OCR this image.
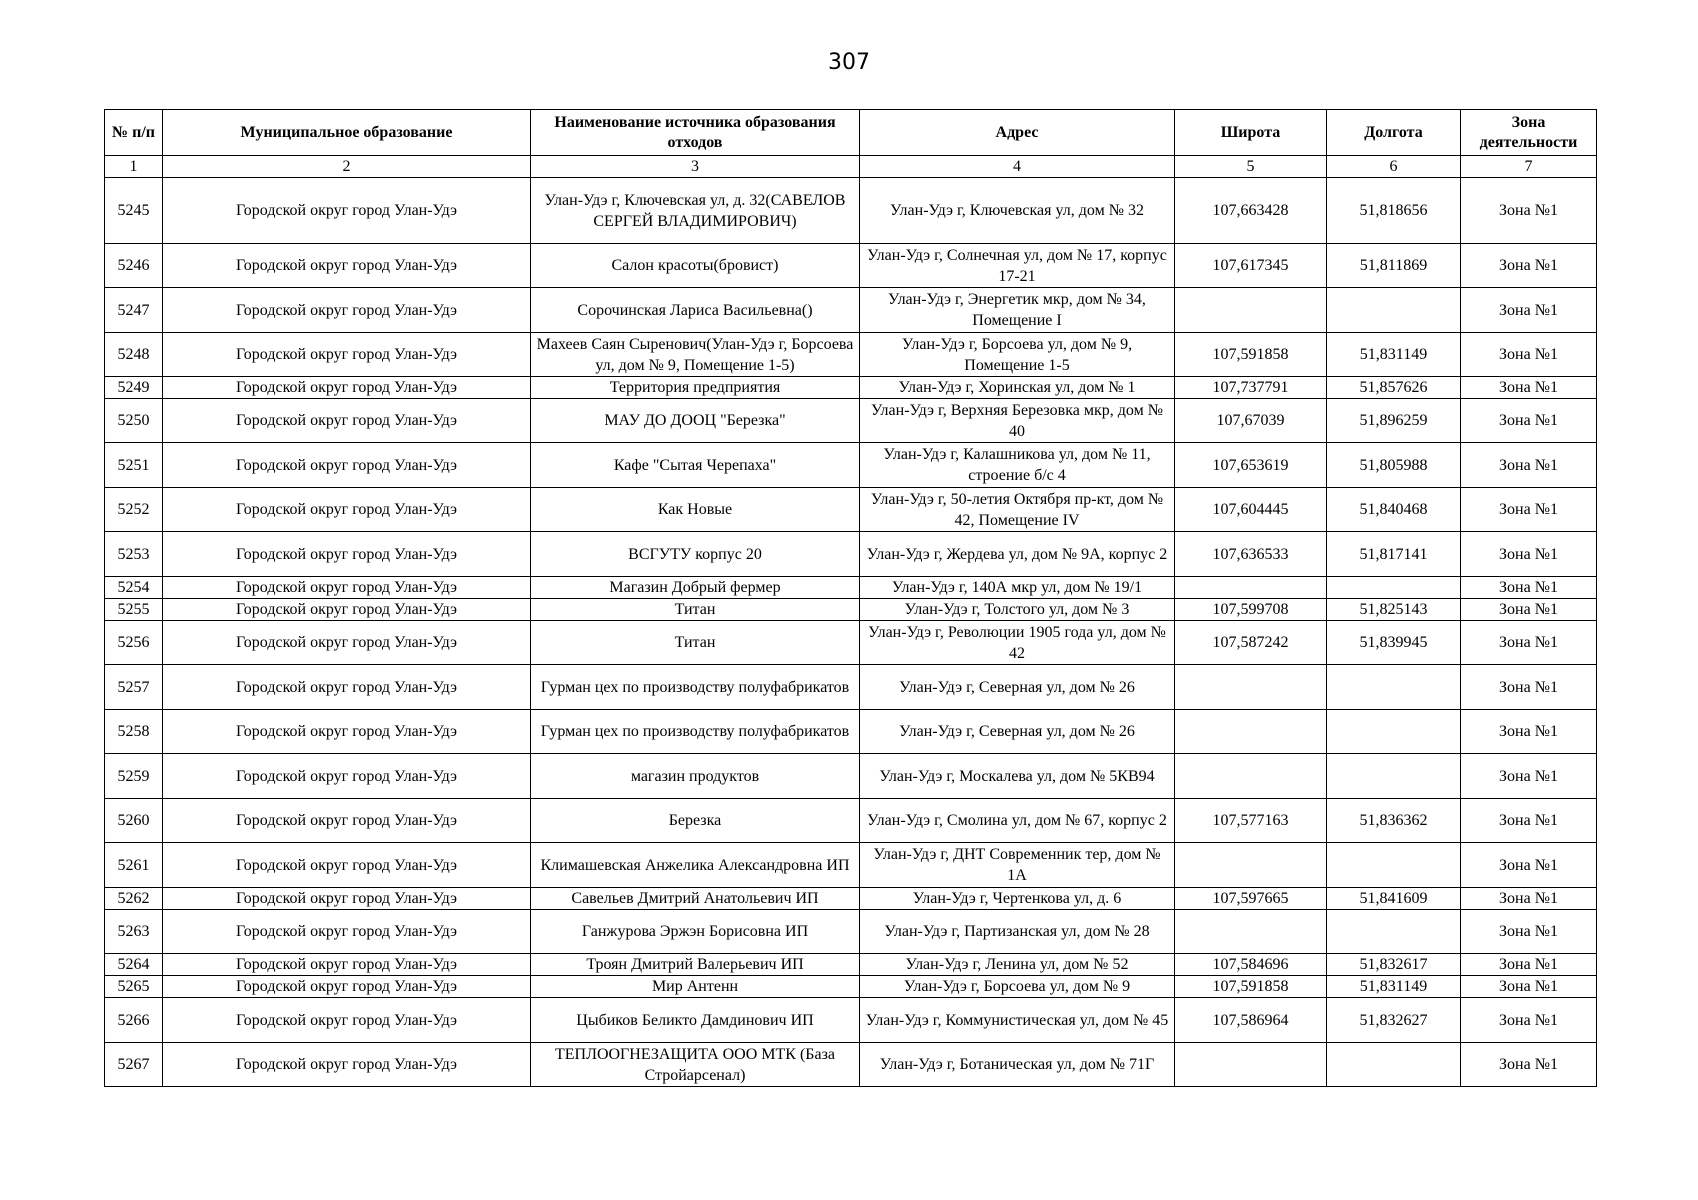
307
№ п/п	Муниципальное образование	Наименование источника образования отходов	Адрес	Широта	Долгота	Зона деятельности
1	2	3	4	5	6	7
5245	Городской округ город Улан-Удэ	Улан-Удэ г, Ключевская ул, д. 32(САВЕЛОВ СЕРГЕЙ ВЛАДИМИРОВИЧ)	Улан-Удэ г, Ключевская ул, дом № 32	107,663428	51,818656	Зона №1
5246	Городской округ город Улан-Удэ	Салон красоты(бровист)	Улан-Удэ г, Солнечная ул, дом № 17, корпус 17-21	107,617345	51,811869	Зона №1
5247	Городской округ город Улан-Удэ	Сорочинская Лариса Васильевна()	Улан-Удэ г, Энергетик мкр, дом № 34, Помещение I			Зона №1
5248	Городской округ город Улан-Удэ	Махеев Саян Сыренович(Улан-Удэ г, Борсоева ул, дом № 9, Помещение 1-5)	Улан-Удэ г, Борсоева ул, дом № 9, Помещение 1-5	107,591858	51,831149	Зона №1
5249	Городской округ город Улан-Удэ	Территория предприятия	Улан-Удэ г, Хоринская ул, дом № 1	107,737791	51,857626	Зона №1
5250	Городской округ город Улан-Удэ	МАУ ДО ДООЦ "Березка"	Улан-Удэ г, Верхняя Березовка мкр, дом № 40	107,67039	51,896259	Зона №1
5251	Городской округ город Улан-Удэ	Кафе "Сытая Черепаха"	Улан-Удэ г, Калашникова ул, дом № 11, строение б/с 4	107,653619	51,805988	Зона №1
5252	Городской округ город Улан-Удэ	Как Новые	Улан-Удэ г, 50-летия Октября пр-кт, дом № 42, Помещение IV	107,604445	51,840468	Зона №1
5253	Городской округ город Улан-Удэ	ВСГУТУ корпус 20	Улан-Удэ г, Жердева ул, дом № 9А, корпус 2	107,636533	51,817141	Зона №1
5254	Городской округ город Улан-Удэ	Магазин Добрый фермер	Улан-Удэ г, 140А мкр ул, дом № 19/1			Зона №1
5255	Городской округ город Улан-Удэ	Титан	Улан-Удэ г, Толстого ул, дом № 3	107,599708	51,825143	Зона №1
5256	Городской округ город Улан-Удэ	Титан	Улан-Удэ г, Революции 1905 года ул, дом № 42	107,587242	51,839945	Зона №1
5257	Городской округ город Улан-Удэ	Гурман цех по производству полуфабрикатов	Улан-Удэ г, Северная ул, дом № 26			Зона №1
5258	Городской округ город Улан-Удэ	Гурман цех по производству полуфабрикатов	Улан-Удэ г, Северная ул, дом № 26			Зона №1
5259	Городской округ город Улан-Удэ	магазин продуктов	Улан-Удэ г, Москалева ул, дом № 5КВ94			Зона №1
5260	Городской округ город Улан-Удэ	Березка	Улан-Удэ г, Смолина ул, дом № 67, корпус 2	107,577163	51,836362	Зона №1
5261	Городской округ город Улан-Удэ	Климашевская Анжелика Александровна ИП	Улан-Удэ г, ДНТ Современник тер, дом № 1А			Зона №1
5262	Городской округ город Улан-Удэ	Савельев Дмитрий Анатольевич ИП	Улан-Удэ г, Чертенкова ул, д. 6	107,597665	51,841609	Зона №1
5263	Городской округ город Улан-Удэ	Ганжурова Эржэн Борисовна ИП	Улан-Удэ г, Партизанская ул, дом № 28			Зона №1
5264	Городской округ город Улан-Удэ	Троян Дмитрий Валерьевич ИП	Улан-Удэ г, Ленина ул, дом № 52	107,584696	51,832617	Зона №1
5265	Городской округ город Улан-Удэ	Мир Антенн	Улан-Удэ г, Борсоева ул, дом № 9	107,591858	51,831149	Зона №1
5266	Городской округ город Улан-Удэ	Цыбиков Беликто Дамдинович ИП	Улан-Удэ г, Коммунистическая ул, дом № 45	107,586964	51,832627	Зона №1
5267	Городской округ город Улан-Удэ	ТЕПЛООГНЕЗАЩИТА ООО МТК (База Стройарсенал)	Улан-Удэ г, Ботаническая ул, дом № 71Г			Зона №1
